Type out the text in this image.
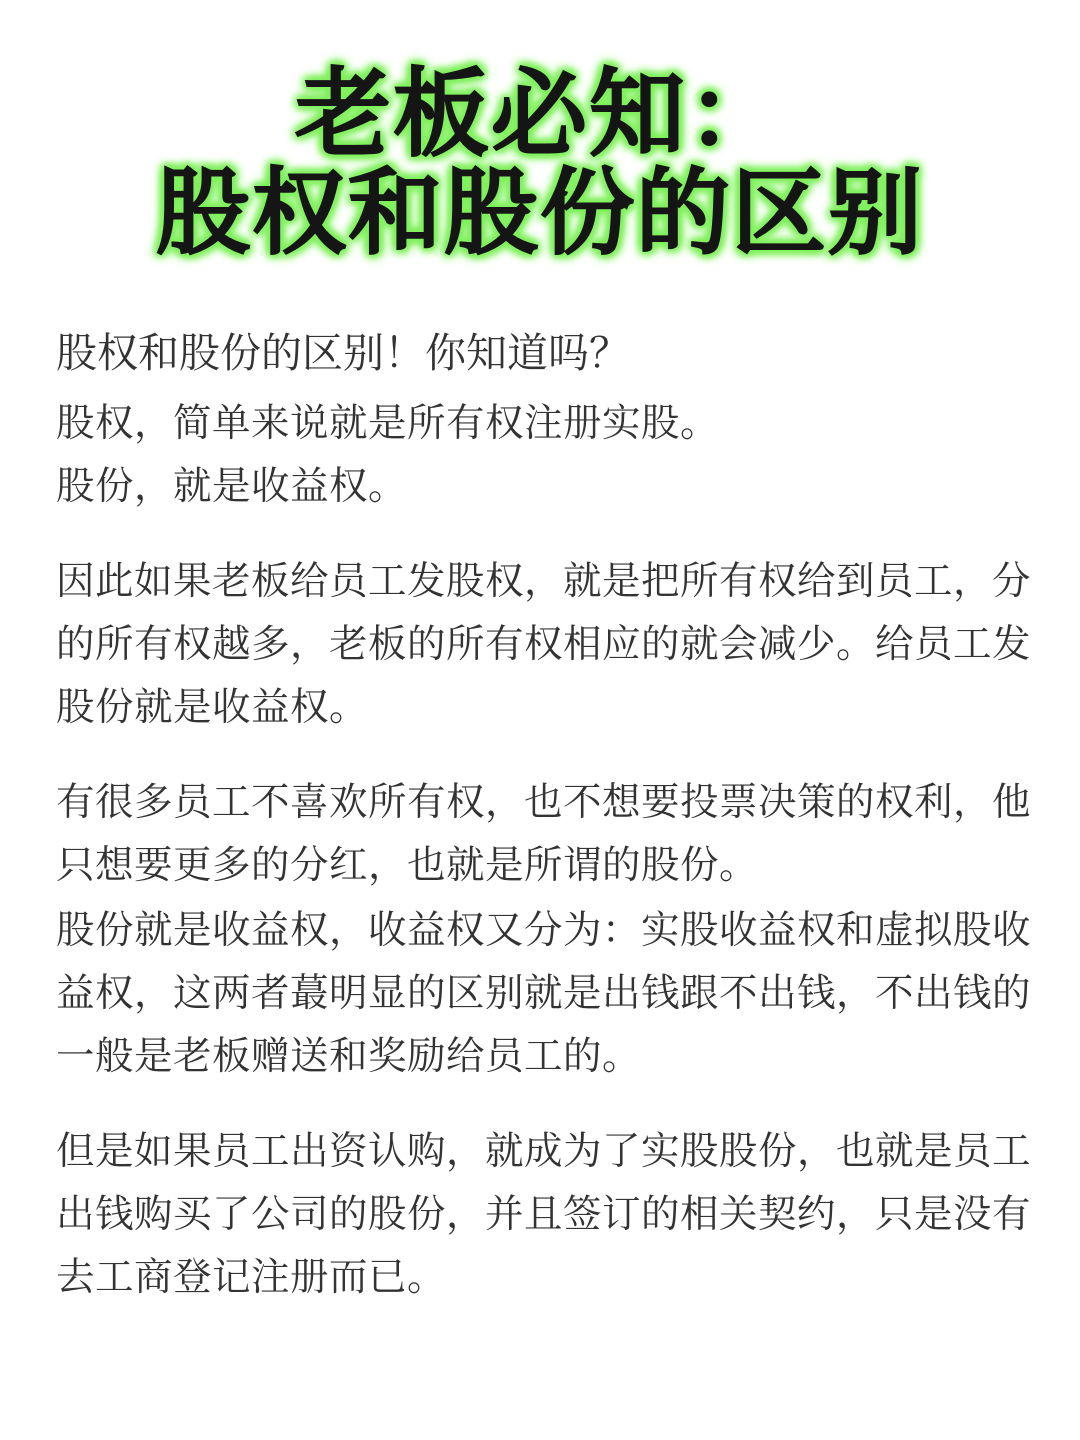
老板必知：
股权和股份的区别

股权和股份的区别！你知道吗？

股权，简单来说就是所有权注册实股。

股份，就是收益权。

因此如果老板给员工发股权，就是把所有权给到员工，分的所有权越多，老板的所有权相应的就会减少。给员工发股份就是收益权。

有很多员工不喜欢所有权，也不想要投票决策的权利，他只想要更多的分红，也就是所谓的股份。

股份就是收益权，收益权又分为：实股收益权和虚拟股收益权，这两者蕞明显的区别就是出钱跟不出钱，不出钱的一般是老板赠送和奖励给员工的。

但是如果员工出资认购，就成为了实股股份，也就是员工出钱购买了公司的股份，并且签订的相关契约，只是没有去工商登记注册而已。
